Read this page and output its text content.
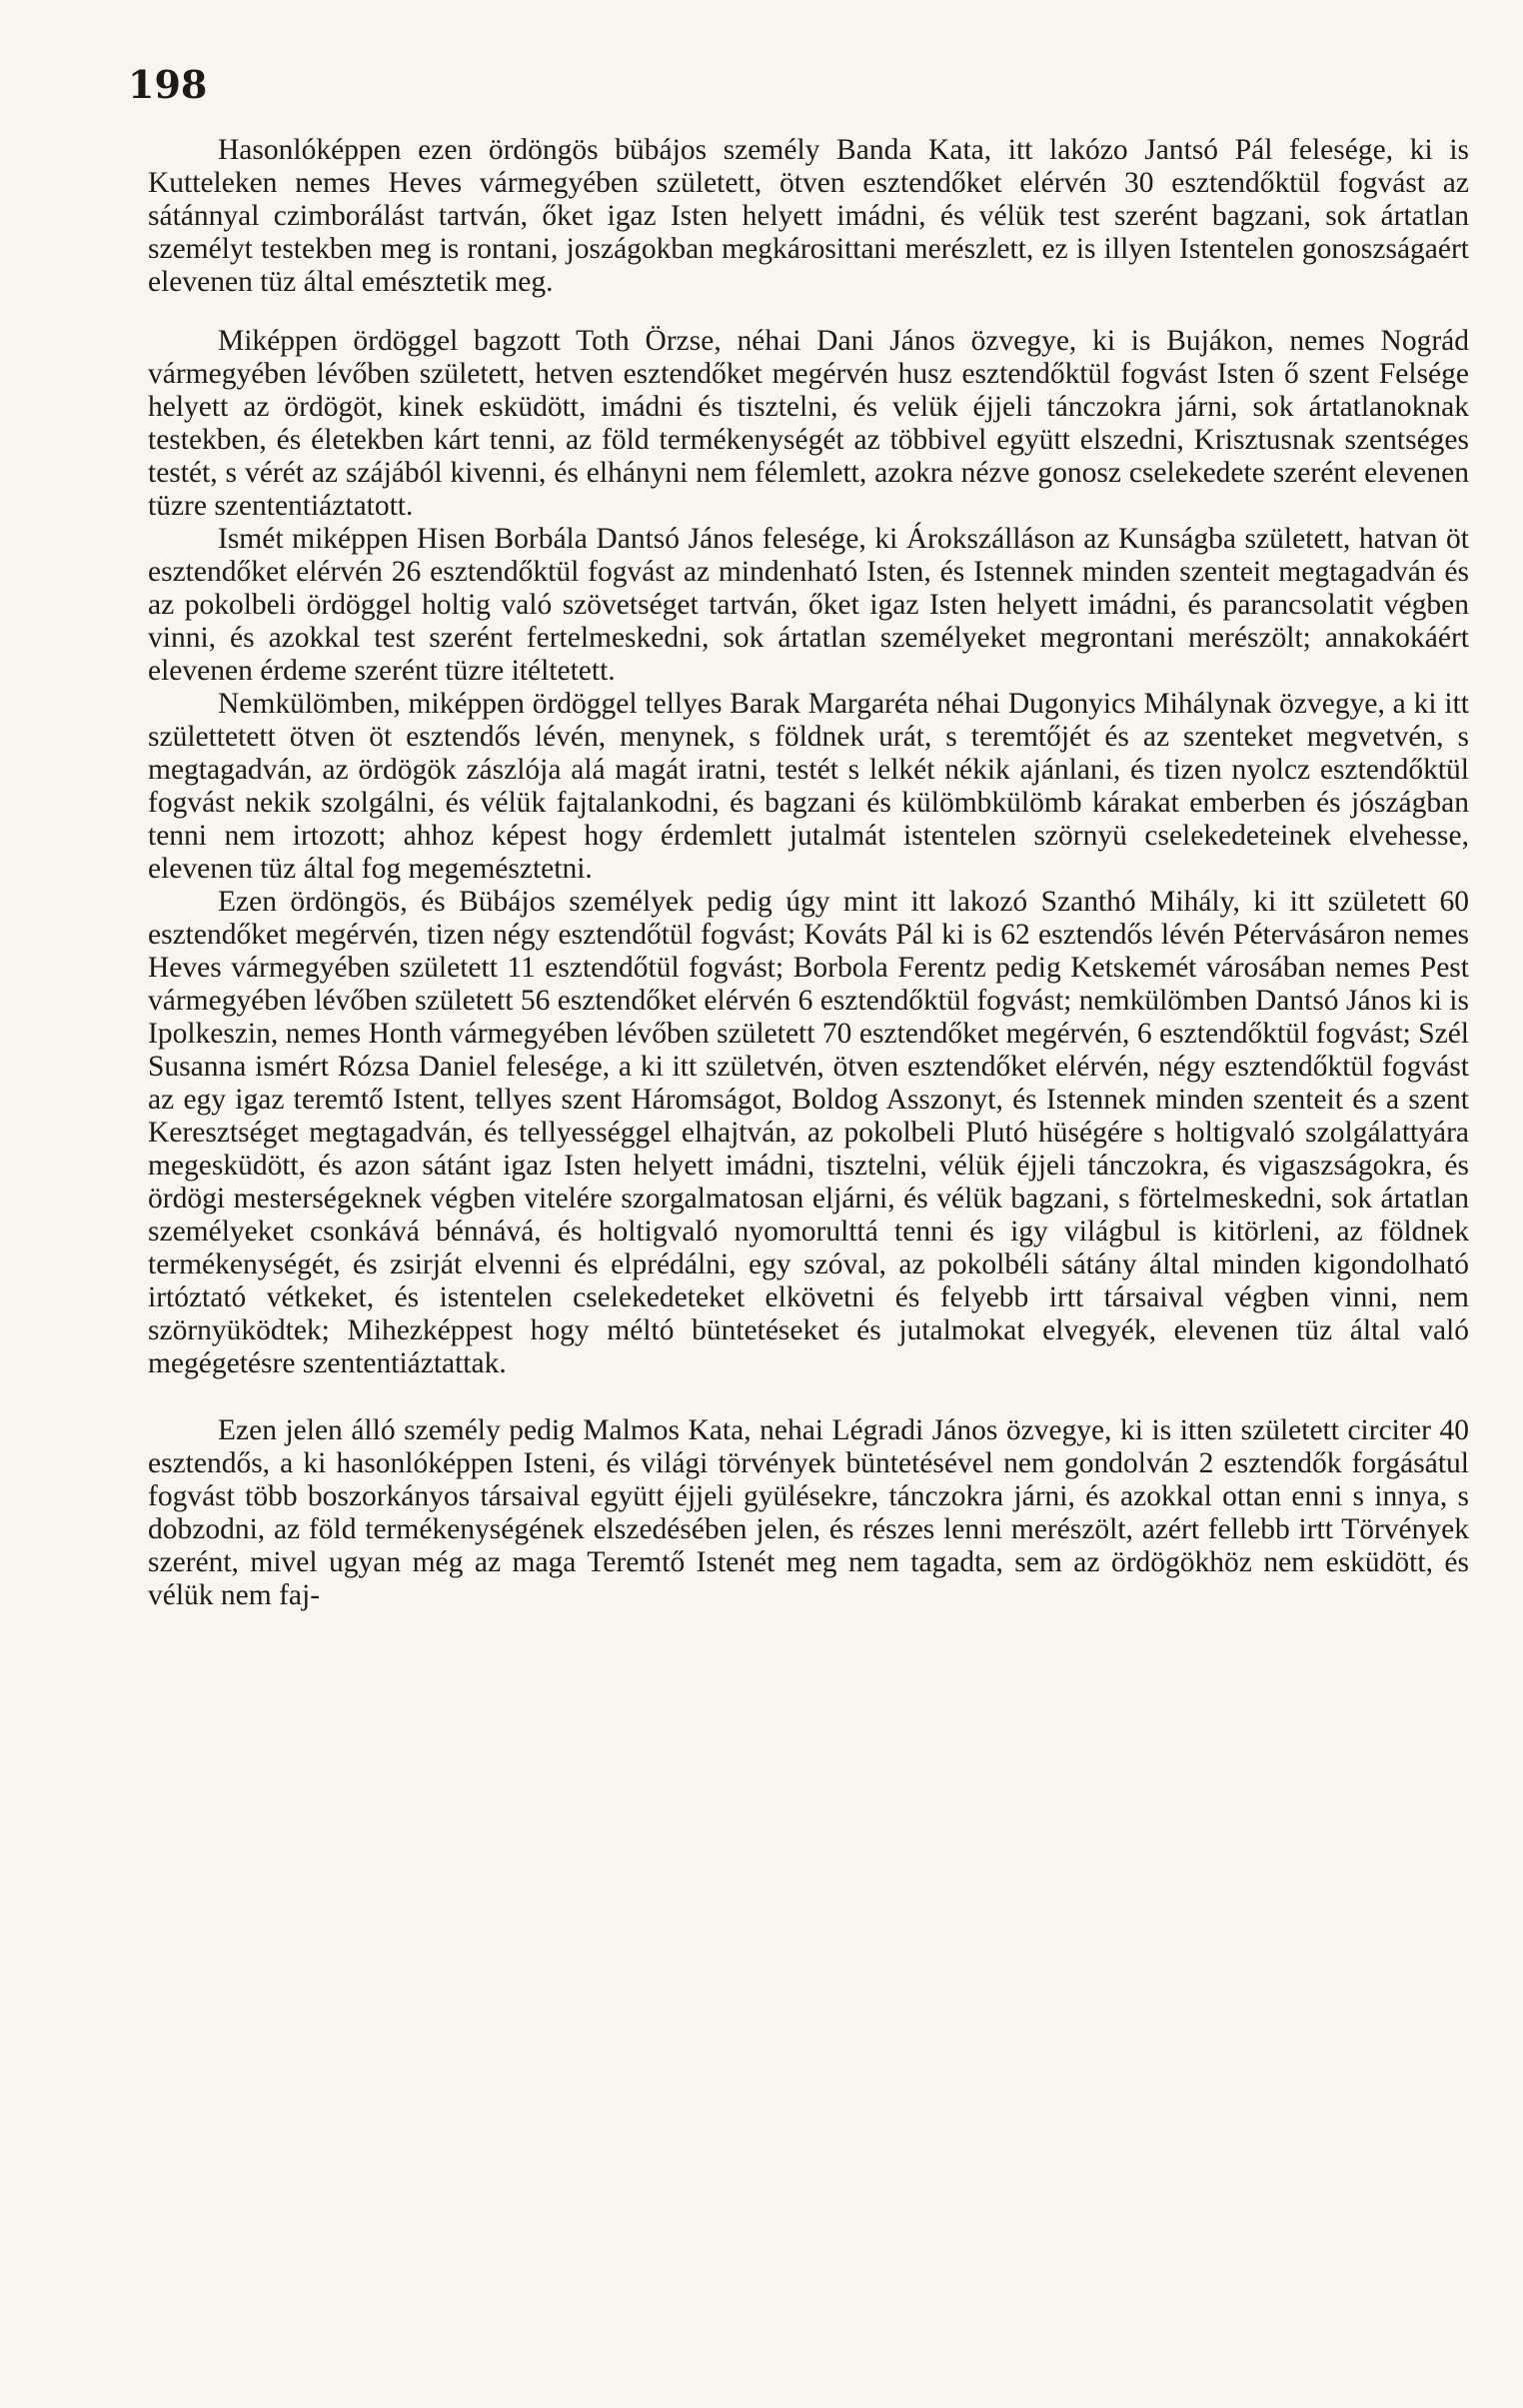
198

Hasonlóképpen ezen ördöngös bübájos személy Banda Kata, itt lakózo Jantsó Pál felesége, ki is Kutteleken nemes Heves vármegyében született, ötven esztendőket elérvén 30 esztendőktül fogvást az sátánnyal czimborálást tartván, őket igaz Isten helyett imádni, és vélük test szerént bagzani, sok ártatlan személyt testekben meg is rontani, joszágokban megkárosittani merészlett, ez is illyen Istentelen gonoszságaért elevenen tüz által emésztetik meg.

Miképpen ördöggel bagzott Toth Örzse, néhai Dani János özvegye, ki is Bujákon, nemes Nográd vármegyében lévőben született, hetven esztendőket megérvén husz esztendőktül fogvást Isten ő szent Felsége helyett az ördögöt, kinek esküdött, imádni és tisztelni, és velük éjjeli tánczokra járni, sok ártatlanoknak testekben, és életekben kárt tenni, az föld termékenységét az többivel együtt elszedni, Krisztusnak szentséges testét, s vérét az szájából kivenni, és elhányni nem félemlett, azokra nézve gonosz cselekedete szerént elevenen tüzre szententiáztatott.

Ismét miképpen Hisen Borbála Dantsó János felesége, ki Árokszálláson az Kunságba született, hatvan öt esztendőket elérvén 26 esztendőktül fogvást az mindenható Isten, és Istennek minden szenteit megtagadván és az pokolbeli ördöggel holtig való szövetséget tartván, őket igaz Isten helyett imádni, és parancsolatit végben vinni, és azokkal test szerént fertelmeskedni, sok ártatlan személyeket megrontani merészölt; annakokáért elevenen érdeme szerént tüzre itéltetett.

Nemkülömben, miképpen ördöggel tellyes Barak Margaréta néhai Dugonyics Mihálynak özvegye, a ki itt születtetett ötven öt esztendős lévén, menynek, s földnek urát, s teremtőjét és az szenteket megvetvén, s megtagadván, az ördögök zászlója alá magát iratni, testét s lelkét nékik ajánlani, és tizen nyolcz esztendőktül fogvást nekik szolgálni, és vélük fajtalankodni, és bagzani és külömbkülömb kárakat emberben és jószágban tenni nem irtozott; ahhoz képest hogy érdemlett jutalmát istentelen szörnyü cselekedeteinek elvehesse, elevenen tüz által fog megemésztetni.

Ezen ördöngös, és Bübájos személyek pedig úgy mint itt lakozó Szanthó Mihály, ki itt született 60 esztendőket megérvén, tizen négy esztendőtül fogvást; Kováts Pál ki is 62 esztendős lévén Pétervásáron nemes Heves vármegyében született 11 esztendőtül fogvást; Borbola Ferentz pedig Ketskemét városában nemes Pest vármegyében lévőben született 56 esztendőket elérvén 6 esztendőktül fogvást; nemkülömben Dantsó János ki is Ipolkeszin, nemes Honth vármegyében lévőben született 70 esztendőket megérvén, 6 esztendőktül fogvást; Szél Susanna ismért Rózsa Daniel felesége, a ki itt születvén, ötven esztendőket elérvén, négy esztendőktül fogvást az egy igaz teremtő Istent, tellyes szent Háromságot, Boldog Asszonyt, és Istennek minden szenteit és a szent Keresztséget megtagadván, és tellyességgel elhajtván, az pokolbeli Plutó hüségére s holtigvaló szolgálattyára megesküdött, és azon sátánt igaz Isten helyett imádni, tisztelni, vélük éjjeli tánczokra, és vigaszságokra, és ördögi mesterségeknek végben vitelére szorgalmatosan eljárni, és vélük bagzani, s förtelmeskedni, sok ártatlan személyeket csonkává bénnává, és holtigvaló nyomorulttá tenni és igy világbul is kitörleni, az földnek termékenységét, és zsirját elvenni és elprédálni, egy szóval, az pokolbéli sátány által minden kigondolható irtóztató vétkeket, és istentelen cselekedeteket elkövetni és felyebb irtt társaival végben vinni, nem szörnyüködtek; Mihezképpest hogy méltó büntetéseket és jutalmokat elvegyék, elevenen tüz által való megégetésre szententiáztattak.

Ezen jelen álló személy pedig Malmos Kata, nehai Légradi János özvegye, ki is itten született circiter 40 esztendős, a ki hasonlóképpen Isteni, és világi törvények büntetésével nem gondolván 2 esztendők forgásátul fogvást több boszorkányos társaival együtt éjjeli gyülésekre, tánczokra járni, és azokkal ottan enni s innya, s dobzodni, az föld termékenységének elszedésében jelen, és részes lenni merészölt, azért fellebb irtt Törvények szerént, mivel ugyan még az maga Teremtő Istenét meg nem tagadta, sem az ördögökhöz nem esküdött, és vélük nem faj-
